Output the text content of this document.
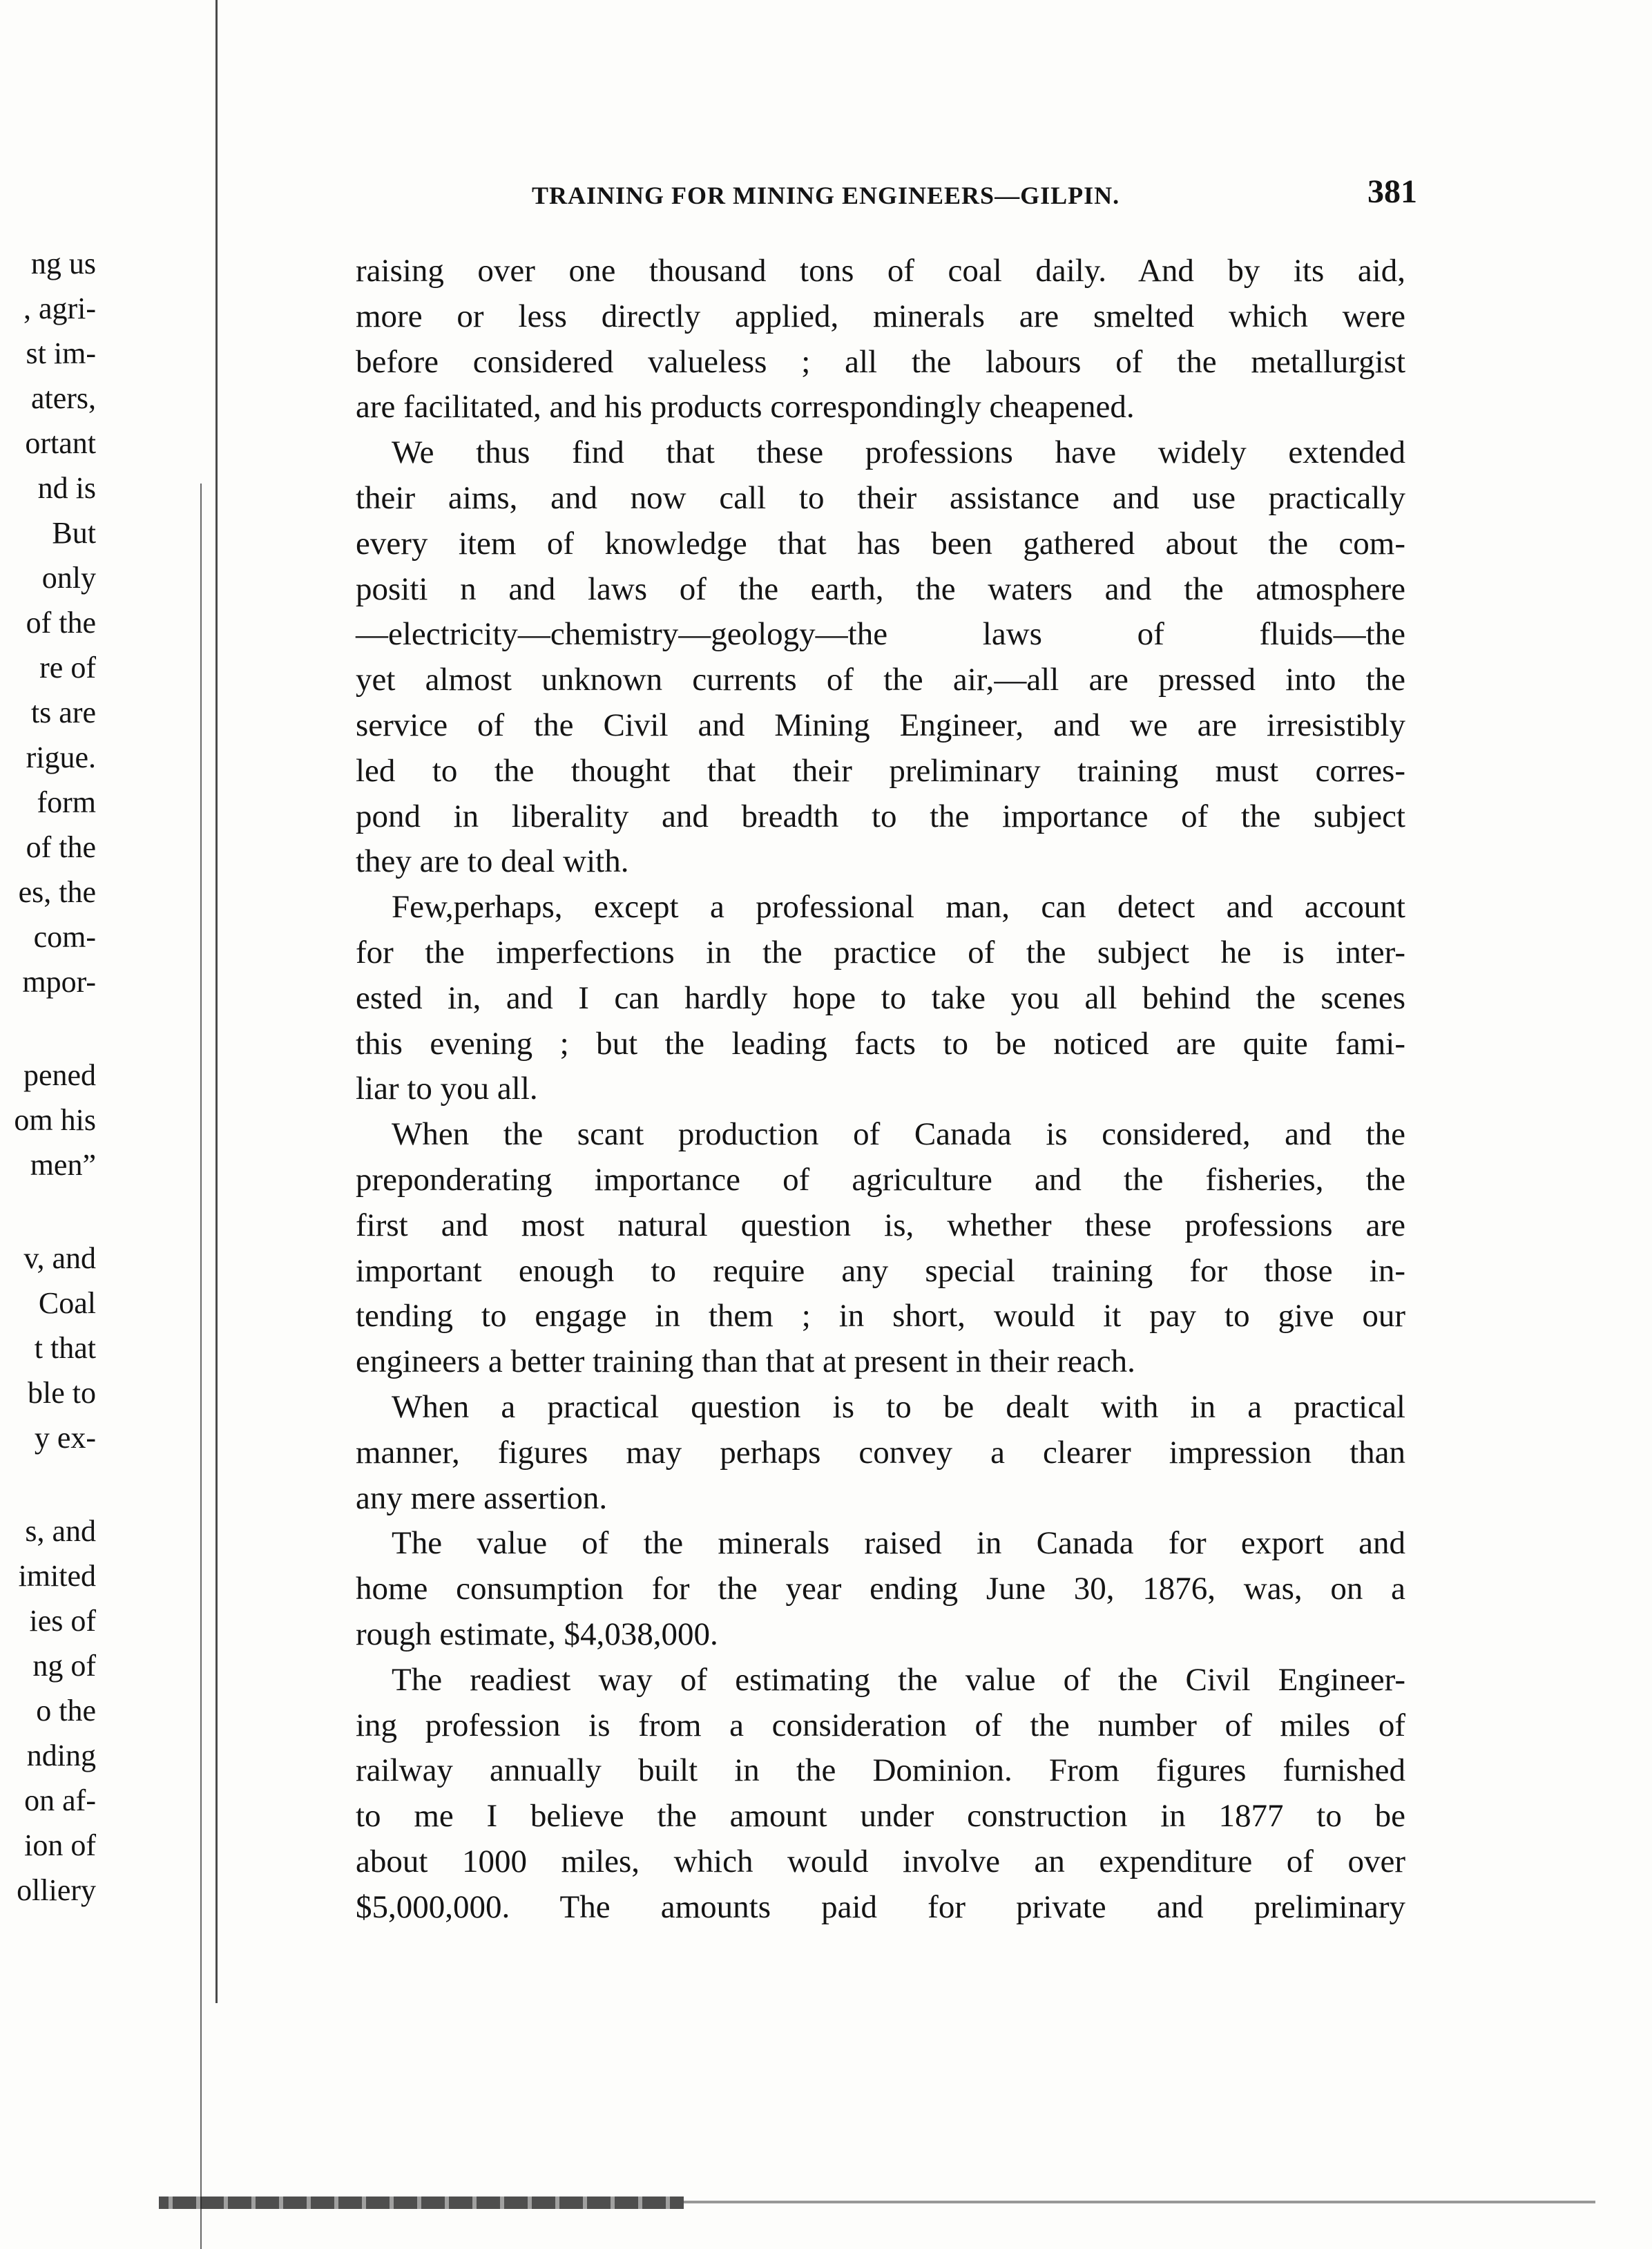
ng us
, agri-
st im-
aters,
ortant
nd is
But
only
of the
re of
ts are
rigue.
form
of the
es, the
com-
mpor-
pened
om his
men”
v, and
Coal
t that
ble to
y ex-
s, and
imited
ies of
ng of
o the
nding
on af-
ion of
olliery
TRAINING FOR MINING ENGINEERS—GILPIN.	381
raising over one thousand tons of coal daily. And by its aid,
more or less directly applied, minerals are smelted which were
before considered valueless ; all the labours of the metallurgist
are facilitated, and his products correspondingly cheapened.
We thus find that these professions have widely extended
their aims, and now call to their assistance and use practically
every item of knowledge that has been gathered about the com-
positi n and laws of the earth, the waters and the atmosphere
—electricity—chemistry—geology—the laws of fluids—the
yet almost unknown currents of the air,—all are pressed into the
service of the Civil and Mining Engineer, and we are irresistibly
led to the thought that their preliminary training must corres-
pond in liberality and breadth to the importance of the subject
they are to deal with.
Few,perhaps, except a professional man, can detect and account
for the imperfections in the practice of the subject he is inter-
ested in, and I can hardly hope to take you all behind the scenes
this evening ; but the leading facts to be noticed are quite fami-
liar to you all.
When the scant production of Canada is considered, and the
preponderating importance of agriculture and the fisheries, the
first and most natural question is, whether these professions are
important enough to require any special training for those in-
tending to engage in them ; in short, would it pay to give our
engineers a better training than that at present in their reach.
When a practical question is to be dealt with in a practical
manner, figures may perhaps convey a clearer impression than
any mere assertion.
The value of the minerals raised in Canada for export and
home consumption for the year ending June 30, 1876, was, on a
rough estimate, $4,038,000.
The readiest way of estimating the value of the Civil Engineer-
ing profession is from a consideration of the number of miles of
railway annually built in the Dominion. From figures furnished
to me I believe the amount under construction in 1877 to be
about 1000 miles, which would involve an expenditure of over
$5,000,000. The amounts paid for private and preliminary
